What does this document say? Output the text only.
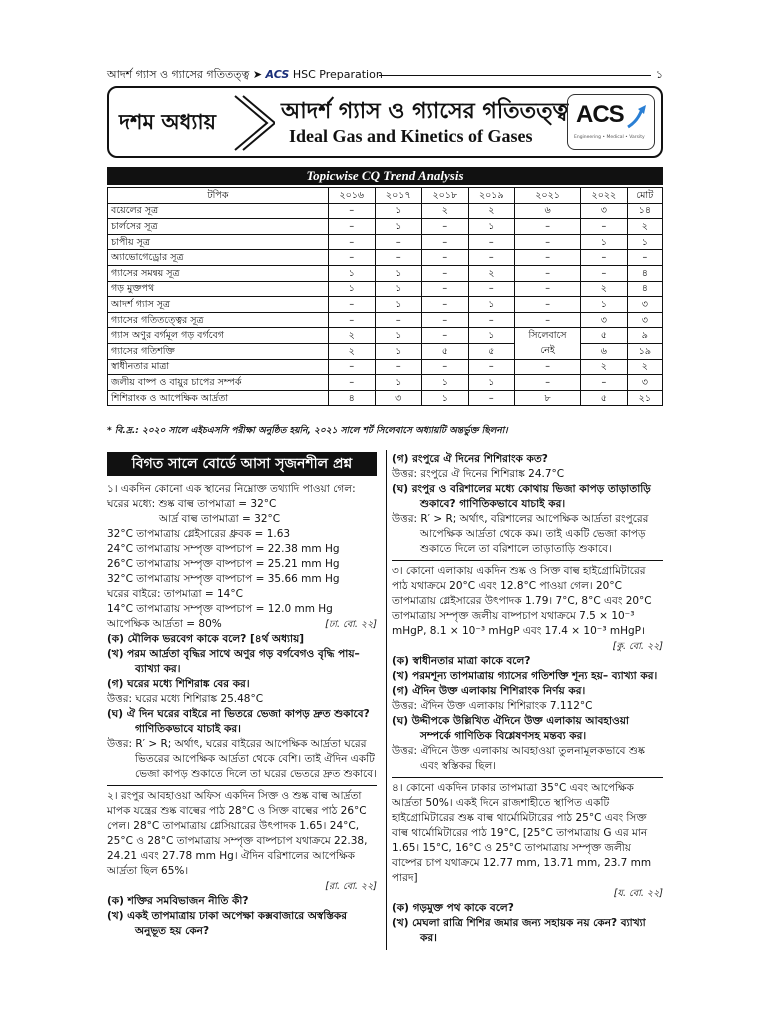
আদর্শ গ্যাস ও গ্যাসের গতিতত্ত্ব ➤ ACS HSC Preparation	১
দশম অধ্যায়	আদর্শ গ্যাস ও গ্যাসের গতিতত্ত্ব
Ideal Gas and Kinetics of Gases
ACS
Engineering • Medical • Varsity
Topicwise CQ Trend Analysis
টপিক	২০১৬	২০১৭	২০১৮	২০১৯	২০২১	২০২২	মোট
বয়েলের সূত্র	–	১	২	২	৬	৩	১৪
চার্লসের সূত্র	–	১	–	১	–	–	২
চাপীয় সূত্র	–	–	–	–	–	১	১
অ্যাভোগেড্রোর সূত্র	–	–	–	–	–	–	–
গ্যাসের সমন্বয় সূত্র	১	১	–	২	–	–	৪
গড় মুক্তপথ	১	১	–	–	–	২	৪
আদর্শ গ্যাস সূত্র	–	১	–	১	–	১	৩
গ্যাসের গতিতত্ত্বের সূত্র	–	–	–	–	–	৩	৩
গ্যাস অণুর বর্গমূল গড় বর্গবেগ	২	১	–	১	সিলেবাসে	৫	৯
গ্যাসের গতিশক্তি	২	১	৫	৫	নেই	৬	১৯
স্বাধীনতার মাত্রা	–	–	–	–	–	২	২
জলীয় বাষ্প ও বায়ুর চাপের সম্পর্ক	–	১	১	১	–	–	৩
শিশিরাংক ও আপেক্ষিক আর্দ্রতা	৪	৩	১	–	৮	৫	২১
* বি.দ্র.: ২০২০ সালে এইচএসসি পরীক্ষা অনুষ্ঠিত হয়নি, ২০২১ সালে শর্ট সিলেবাসে অধ্যায়টি অন্তর্ভুক্ত ছিলনা।
বিগত সালে বোর্ডে আসা সৃজনশীল প্রশ্ন

১। একদিন কোনো এক স্থানের নিম্নোক্ত তথ্যাদি পাওয়া গেল:

ঘরের মধ্যে: শুষ্ক বাল্ব তাপমাত্রা = 32°C

আর্দ্র বাল্ব তাপমাত্রা = 32°C

32°C তাপমাত্রায় গ্লেইসারের ধ্রুবক = 1.63

24°C তাপমাত্রায় সম্পৃক্ত বাষ্পচাপ = 22.38 mm Hg

26°C তাপমাত্রায় সম্পৃক্ত বাষ্পচাপ = 25.21 mm Hg

32°C তাপমাত্রায় সম্পৃক্ত বাষ্পচাপ = 35.66 mm Hg

ঘরের বাইরে: তাপমাত্রা = 14°C

14°C তাপমাত্রায় সম্পৃক্ত বাষ্পচাপ = 12.0 mm Hg

আপেক্ষিক আর্দ্রতা = 80%	[ঢা. বো. ২২]

(ক) মৌলিক ভরবেগ কাকে বলে? [৪র্থ অধ্যায়]

(খ) পরম আর্দ্রতা বৃদ্ধির সাথে অণুর গড় বর্গবেগও বৃদ্ধি পায়– ব্যাখ্যা কর।

(গ) ঘরের মধ্যে শিশিরাঙ্ক বের কর।

উত্তর: ঘরের মধ্যে শিশিরাঙ্ক 25.48°C

(ঘ) ঐ দিন ঘরের বাইরে না ভিতরে ভেজা কাপড় দ্রুত শুকাবে? গাণিতিকভাবে যাচাই কর।

উত্তর: R′ > R; অর্থাৎ, ঘরের বাইরের আপেক্ষিক আর্দ্রতা ঘরের ভিতরের আপেক্ষিক আর্দ্রতা থেকে বেশি। তাই ঐদিন একটি ভেজা কাপড় শুকাতে দিলে তা ঘরের ভেতরে দ্রুত শুকাবে।

২। রংপুর আবহাওয়া অফিস একদিন সিক্ত ও শুষ্ক বাল্ব আর্দ্রতা মাপক যন্ত্রের শুষ্ক বাল্বের পাঠ 28°C ও সিক্ত বাল্বের পাঠ 26°C পেল। 28°C তাপমাত্রায় গ্লেসিয়ারের উৎপাদক 1.65। 24°C, 25°C ও 28°C তাপমাত্রায় সম্পৃক্ত বাষ্পচাপ যথাক্রমে 22.38, 24.21 এবং 27.78 mm Hg। ঐদিন বরিশালের আপেক্ষিক আর্দ্রতা ছিল 65%।

[রা. বো. ২২]

(ক) শক্তির সমবিভাজন নীতি কী?

(খ) একই তাপমাত্রায় ঢাকা অপেক্ষা কক্সবাজারে অস্বস্তিকর অনুভূত হয় কেন?

(গ) রংপুরে ঐ দিনের শিশিরাংক কত?

উত্তর: রংপুরে ঐ দিনের শিশিরাঙ্ক 24.7°C

(ঘ) রংপুর ও বরিশালের মধ্যে কোথায় ভিজা কাপড় তাড়াতাড়ি শুকাবে? গাণিতিকভাবে যাচাই কর।

উত্তর: R′ > R; অর্থাৎ, বরিশালের আপেক্ষিক আর্দ্রতা রংপুরের আপেক্ষিক আর্দ্রতা থেকে কম। তাই একটি ভেজা কাপড় শুকাতে দিলে তা বরিশালে তাড়াতাড়ি শুকাবে।

৩। কোনো এলাকায় একদিন শুষ্ক ও সিক্ত বাল্ব হাইগ্রোমিটারের পাঠ যথাক্রমে 20°C এবং 12.8°C পাওয়া গেল। 20°C তাপমাত্রায় গ্লেইসারের উৎপাদক 1.79। 7°C, 8°C এবং 20°C তাপমাত্রায় সম্পৃক্ত জলীয় বাষ্পচাপ যথাক্রমে 7.5 × 10⁻³ mHgP, 8.1 × 10⁻³ mHgP এবং 17.4 × 10⁻³ mHgP।

[কু. বো. ২২]

(ক) স্বাধীনতার মাত্রা কাকে বলে?

(খ) পরমশূন্য তাপমাত্রায় গ্যাসের গতিশক্তি শূন্য হয়– ব্যাখ্যা কর।

(গ) ঐদিন উক্ত এলাকায় শিশিরাংক নির্ণয় কর।

উত্তর: ঐদিন উক্ত এলাকায় শিশিরাংক 7.112°C

(ঘ) উদ্দীপকে উল্লিখিত ঐদিনে উক্ত এলাকায় আবহাওয়া সম্পর্কে গাণিতিক বিশ্লেষণসহ মন্তব্য কর।

উত্তর: ঐদিনে উক্ত এলাকায় আবহাওয়া তুলনামূলকভাবে শুষ্ক এবং স্বস্তিকর ছিল।

৪। কোনো একদিন ঢাকার তাপমাত্রা 35°C এবং আপেক্ষিক আর্দ্রতা 50%। একই দিনে রাজশাহীতে স্থাপিত একটি হাইগ্রোমিটারের শুষ্ক বাল্ব থার্মোমিটারের পাঠ 25°C এবং সিক্ত বাল্ব থার্মোমিটারের পাঠ 19°C, [25°C তাপমাত্রায় G এর মান 1.65। 15°C, 16°C ও 25°C তাপমাত্রায় সম্পৃক্ত জলীয় বাষ্পের চাপ যথাক্রমে 12.77 mm, 13.71 mm, 23.7 mm পারদ]

[য. বো. ২২]

(ক) গড়মুক্ত পথ কাকে বলে?

(খ) মেঘলা রাত্রি শিশির জমার জন্য সহায়ক নয় কেন? ব্যাখ্যা কর।
